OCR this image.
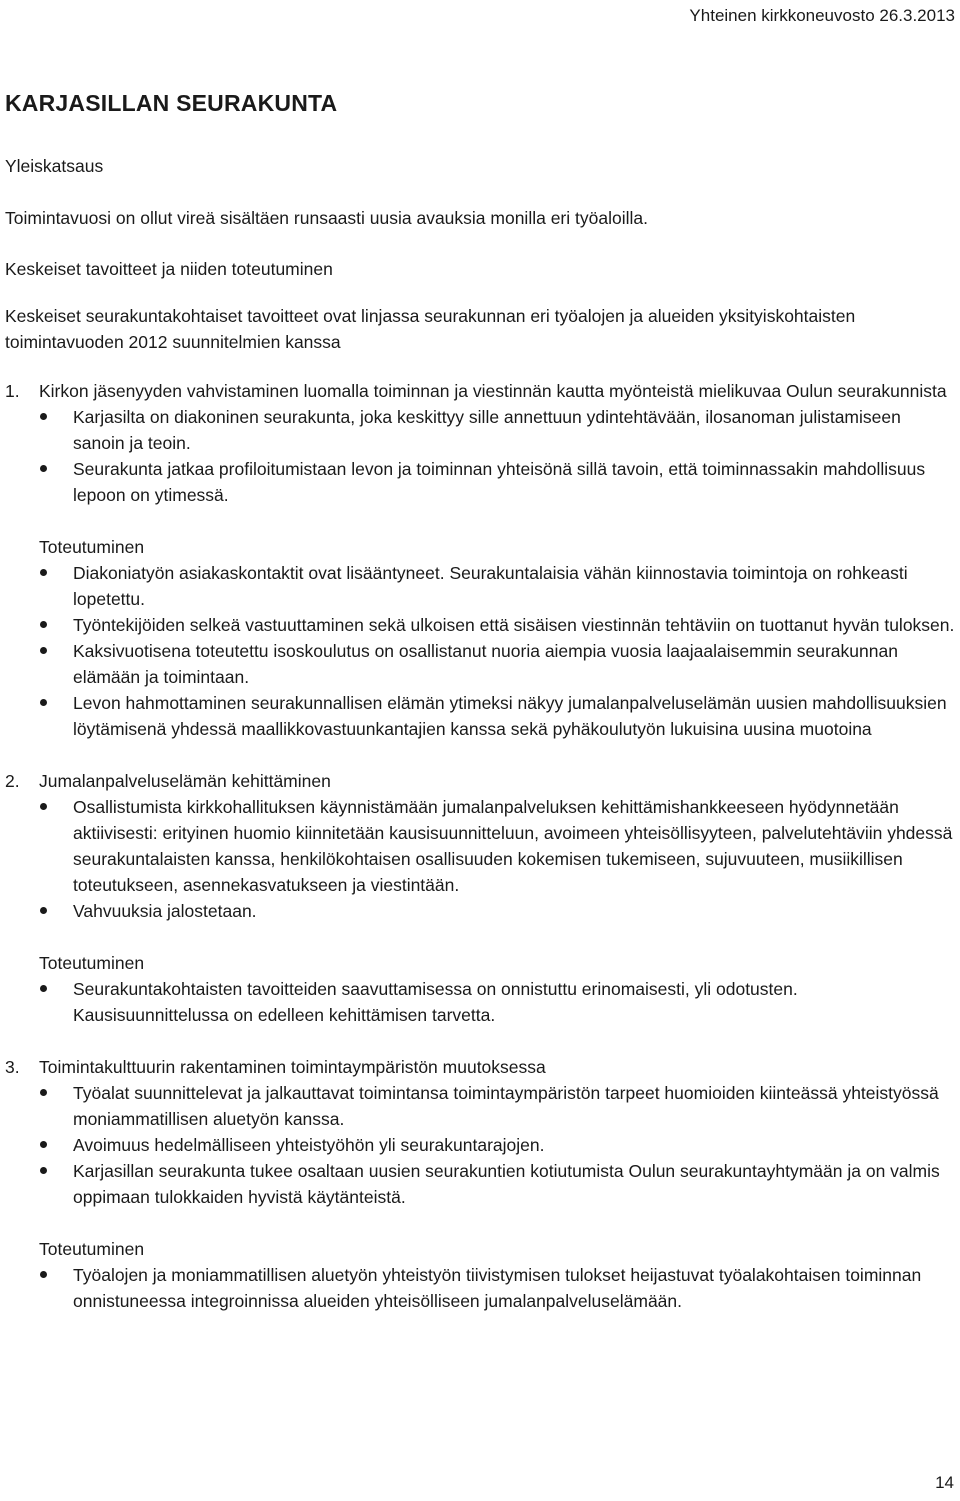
Yhteinen kirkkoneuvosto 26.3.2013
KARJASILLAN SEURAKUNTA

Yleiskatsaus

Toimintavuosi on ollut vireä sisältäen runsaasti uusia avauksia monilla eri työaloilla.

Keskeiset tavoitteet ja niiden toteutuminen

Keskeiset seurakuntakohtaiset tavoitteet ovat linjassa seurakunnan eri työalojen ja alueiden yksityiskohtaisten toimintavuoden 2012 suunnitelmien kanssa

1. Kirkon jäsenyyden vahvistaminen luomalla toiminnan ja viestinnän kautta myönteistä mielikuvaa Oulun seurakunnista

Karjasilta on diakoninen seurakunta, joka keskittyy sille annettuun ydintehtävään, ilosanoman julistamiseen sanoin ja teoin.
Seurakunta jatkaa profiloitumistaan levon ja toiminnan yhteisönä sillä tavoin, että toiminnassakin mahdollisuus lepoon on ytimessä.

Toteutuminen

Diakoniatyön asiakaskontaktit ovat lisääntyneet. Seurakuntalaisia vähän kiinnostavia toimintoja on rohkeasti lopetettu.
Työntekijöiden selkeä vastuuttaminen sekä ulkoisen että sisäisen viestinnän tehtäviin on tuottanut hyvän tuloksen.
Kaksivuotisena toteutettu isoskoulutus on osallistanut nuoria aiempia vuosia laajaalaisemmin seurakunnan elämään ja toimintaan.
Levon hahmottaminen seurakunnallisen elämän ytimeksi näkyy jumalanpalveluselämän uusien mahdollisuuksien löytämisenä yhdessä maallikkovastuunkantajien kanssa sekä pyhäkoulutyön lukuisina uusina muotoina
2. Jumalanpalveluselämän kehittäminen

Osallistumista kirkkohallituksen käynnistämään jumalanpalveluksen kehittämishankkeeseen hyödynnetään aktiivisesti: erityinen huomio kiinnitetään kausisuunnitteluun, avoimeen yhteisöllisyyteen, palvelutehtäviin yhdessä seurakuntalaisten kanssa, henkilökohtaisen osallisuuden kokemisen tukemiseen, sujuvuuteen, musiikillisen toteutukseen, asennekasvatukseen ja viestintään.
Vahvuuksia jalostetaan.

Toteutuminen

Seurakuntakohtaisten tavoitteiden saavuttamisessa on onnistuttu erinomaisesti, yli odotusten. Kausisuunnittelussa on edelleen kehittämisen tarvetta.
3. Toimintakulttuurin rakentaminen toimintaympäristön muutoksessa

Työalat suunnittelevat ja jalkauttavat toimintansa toimintaympäristön tarpeet huomioiden kiinteässä yhteistyössä moniammatillisen aluetyön kanssa.
Avoimuus hedelmälliseen yhteistyöhön yli seurakuntarajojen.
Karjasillan seurakunta tukee osaltaan uusien seurakuntien kotiutumista Oulun seurakuntayhtymään ja on valmis oppimaan tulokkaiden hyvistä käytänteistä.

Toteutuminen

Työalojen ja moniammatillisen aluetyön yhteistyön tiivistymisen tulokset heijastuvat työalakohtaisen toiminnan onnistuneessa integroinnissa alueiden yhteisölliseen jumalanpalveluselämään.
14
